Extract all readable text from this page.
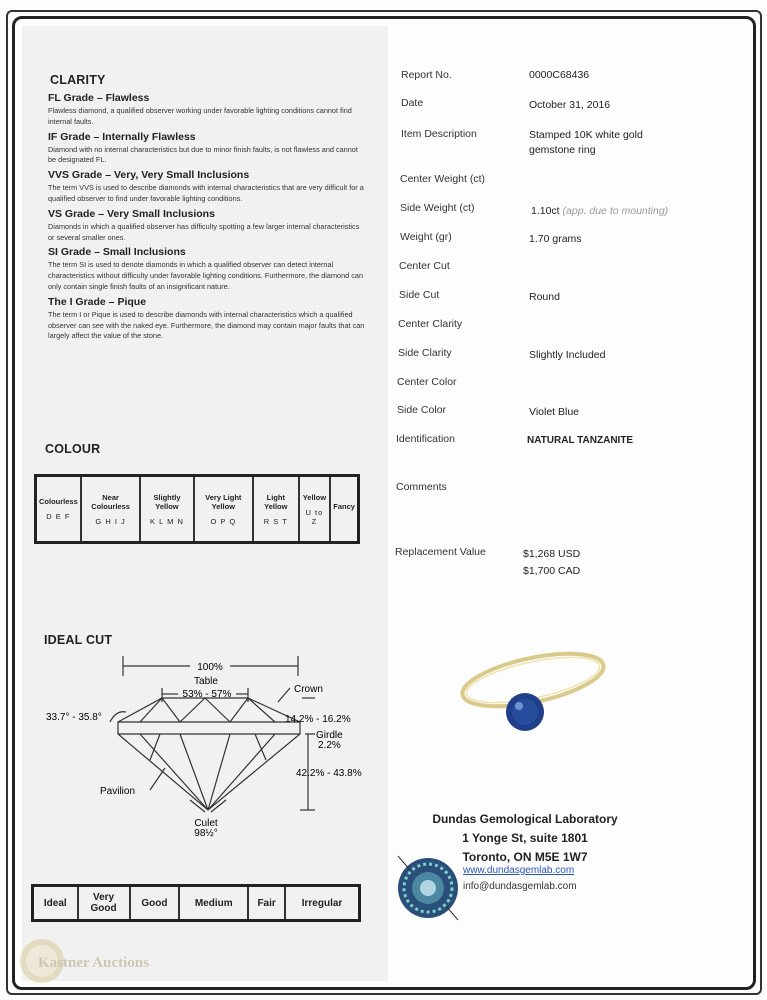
CLARITY

FL Grade – Flawless

Flawless diamond, a qualified observer working under favorable lighting conditions cannot find internal faults.

IF Grade – Internally Flawless

Diamond with no internal characteristics but due to minor finish faults, is not flawless and cannot be designated FL.

VVS Grade – Very, Very Small Inclusions

The term VVS is used to describe diamonds with internal characteristics that are very difficult for a qualified observer to find under favorable lighting conditions.

VS Grade – Very Small Inclusions

Diamonds in which a qualified observer has difficulty spotting a few larger internal characteristics or several smaller ones.

SI Grade – Small Inclusions

The term SI is used to denote diamonds in which a qualified observer can detect internal characteristics without difficulty under favorable lighting conditions. Furthermore, the diamond can only contain single finish faults of an insignificant nature.

The I Grade – Pique

The term I or Pique is used to describe diamonds with internal characteristics which a qualified observer can see with the naked eye. Furthermore, the diamond may contain major faults that can largely affect the value of the stone.

COLOUR
Colourless
D E F

Near Colourless
G H I J

Slightly Yellow
K L M N

Very Light Yellow
O P Q

Light Yellow
R S T

Yellow
U to Z

Fancy
IDEAL CUT
100%
Table
53% - 57%	Crown
33.7° - 35.8°	14.2% - 16.2%
Girdle
2.2%
42.2% - 43.8%
Pavilion
Culet
98½°
Ideal	Very Good	Good	Medium	Fair	Irregular
Report No.	0000C68436
Date	October 31, 2016
Item Description	Stamped 10K white gold gemstone ring
Center Weight (ct)
Side Weight (ct)	1.10ct (app. due to mounting)
Weight (gr)	1.70 grams
Center Cut
Side Cut	Round
Center Clarity
Side Clarity	Slightly Included
Center Color
Side Color	Violet Blue
Identification	NATURAL TANZANITE
Comments
Replacement Value	$1,268 USD
$1,700 CAD
Dundas Gemological Laboratory
1 Yonge St, suite 1801
Toronto, ON M5E 1W7
www.dundasgemlab.com
info@dundasgemlab.com
Kastner Auctions
